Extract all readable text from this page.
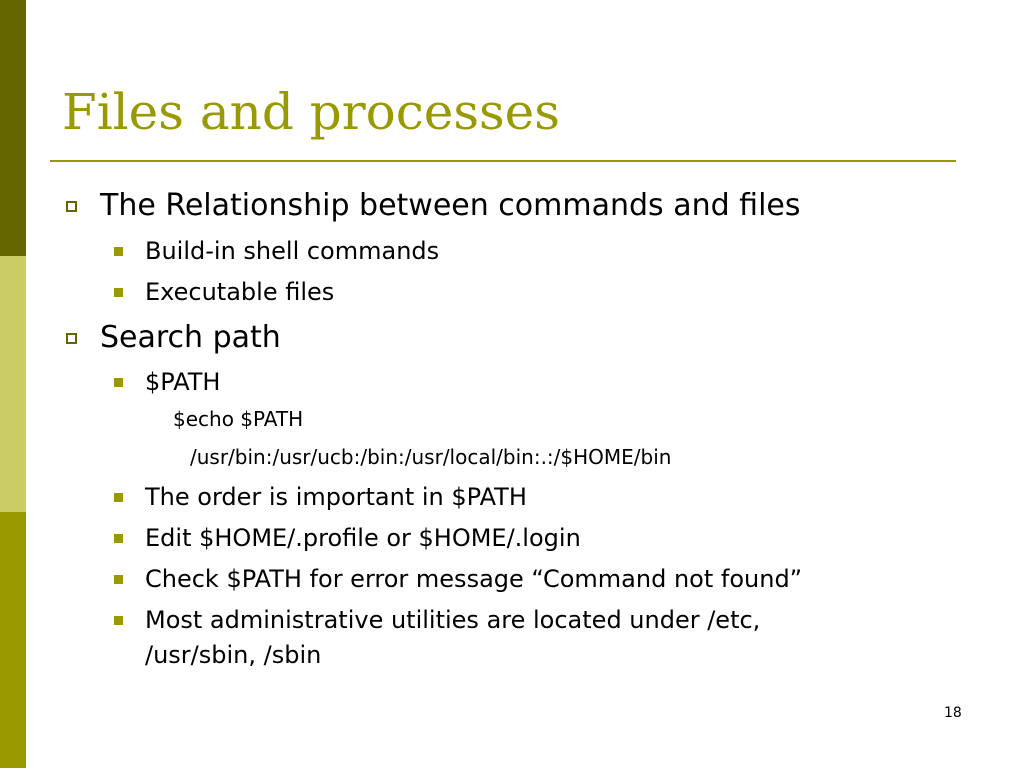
Files and processes
The Relationship between commands and files
Build-in shell commands
Executable files
Search path
$PATH
$echo $PATH
/usr/bin:/usr/ucb:/bin:/usr/local/bin:.:/$HOME/bin
The order is important in $PATH
Edit $HOME/.profile or $HOME/.login
Check $PATH for error message “Command not found”
Most administrative utilities are located under /etc,
/usr/sbin, /sbin
18
